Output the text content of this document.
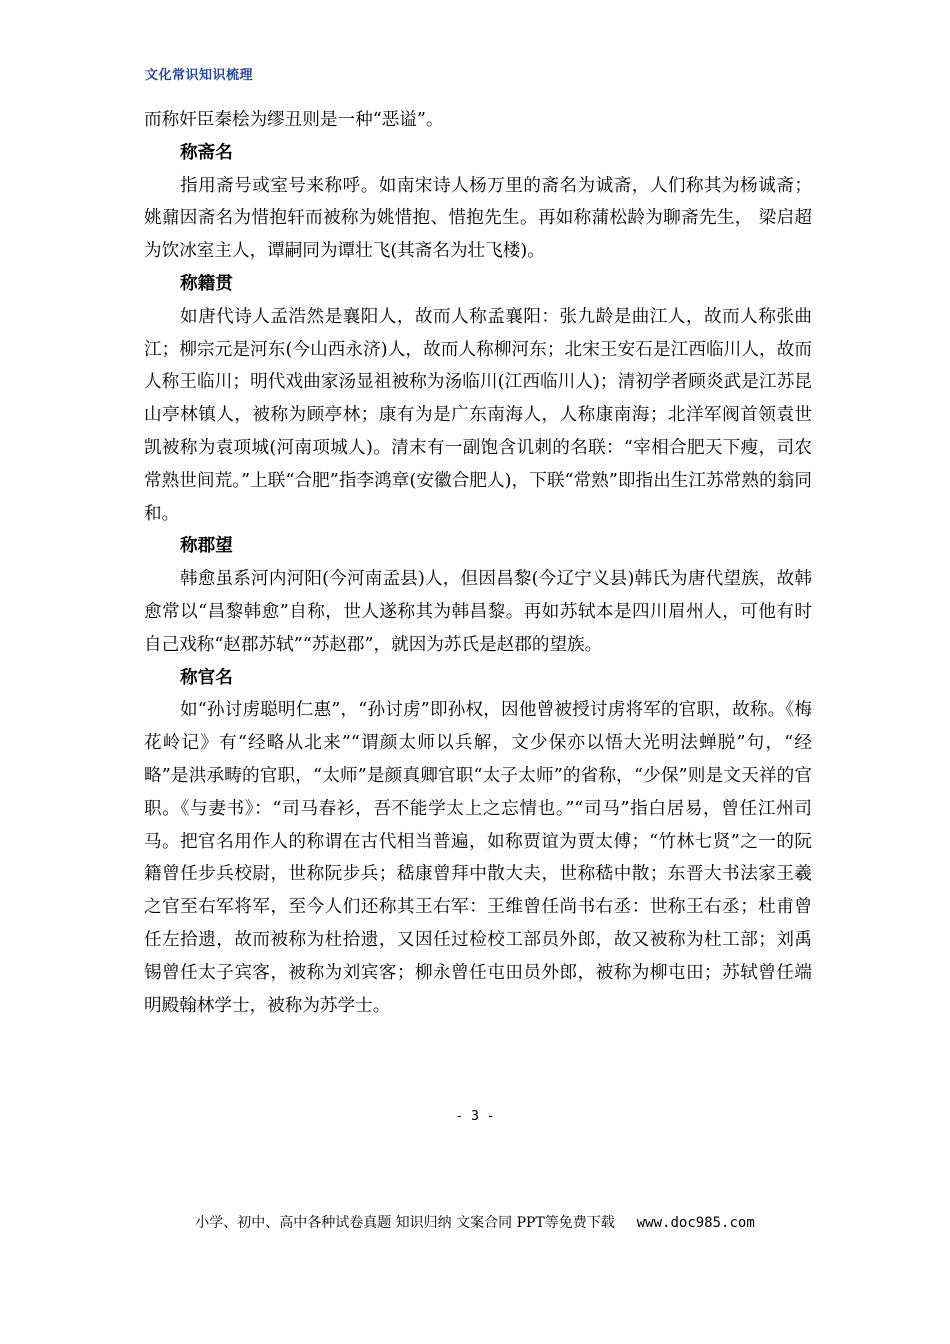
文化常识知识梳理

而称奸臣秦桧为缪丑则是一种“恶谥”。

称斋名

指用斋号或室号来称呼。如南宋诗人杨万里的斋名为诚斋，人们称其为杨诚斋；姚鼐因斋名为惜抱轩而被称为姚惜抱、惜抱先生。再如称蒲松龄为聊斋先生， 梁启超为饮冰室主人，谭嗣同为谭壮飞(其斋名为壮飞楼)。

称籍贯

如唐代诗人孟浩然是襄阳人，故而人称孟襄阳：张九龄是曲江人，故而人称张曲江；柳宗元是河东(今山西永济)人，故而人称柳河东；北宋王安石是江西临川人，故而人称王临川；明代戏曲家汤显祖被称为汤临川(江西临川人)；清初学者顾炎武是江苏昆山亭林镇人，被称为顾亭林；康有为是广东南海人，人称康南海；北洋军阀首领袁世凯被称为袁项城(河南项城人)。清末有一副饱含讥刺的名联：“宰相合肥天下瘦，司农常熟世间荒。”上联“合肥”指李鸿章(安徽合肥人)，下联“常熟”即指出生江苏常熟的翁同和。

称郡望

韩愈虽系河内河阳(今河南孟县)人，但因昌黎(今辽宁义县)韩氏为唐代望族，故韩愈常以“昌黎韩愈”自称，世人遂称其为韩昌黎。再如苏轼本是四川眉州人，可他有时自己戏称“赵郡苏轼”“苏赵郡”，就因为苏氏是赵郡的望族。

称官名

如“孙讨虏聪明仁惠”，“孙讨虏”即孙权，因他曾被授讨虏将军的官职，故称。《梅花岭记》有“经略从北来”“谓颜太师以兵解，文少保亦以悟大光明法蝉脱”句，“经略”是洪承畴的官职，“太师”是颜真卿官职“太子太师”的省称，“少保”则是文天祥的官职。《与妻书》：“司马春衫，吾不能学太上之忘情也。”“司马”指白居易，曾任江州司马。把官名用作人的称谓在古代相当普遍，如称贾谊为贾太傅；“竹林七贤”之一的阮籍曾任步兵校尉，世称阮步兵；嵇康曾拜中散大夫，世称嵇中散；东晋大书法家王羲之官至右军将军，至今人们还称其王右军：王维曾任尚书右丞：世称王右丞；杜甫曾任左拾遗，故而被称为杜拾遗，又因任过检校工部员外郎，故又被称为杜工部；刘禹锡曾任太子宾客，被称为刘宾客；柳永曾任屯田员外郎，被称为柳屯田；苏轼曾任端明殿翰林学士，被称为苏学士。

- 3 -
小学、初中、高中各种试卷真题 知识归纳 文案合同 PPT等免费下载 www.doc985.com
